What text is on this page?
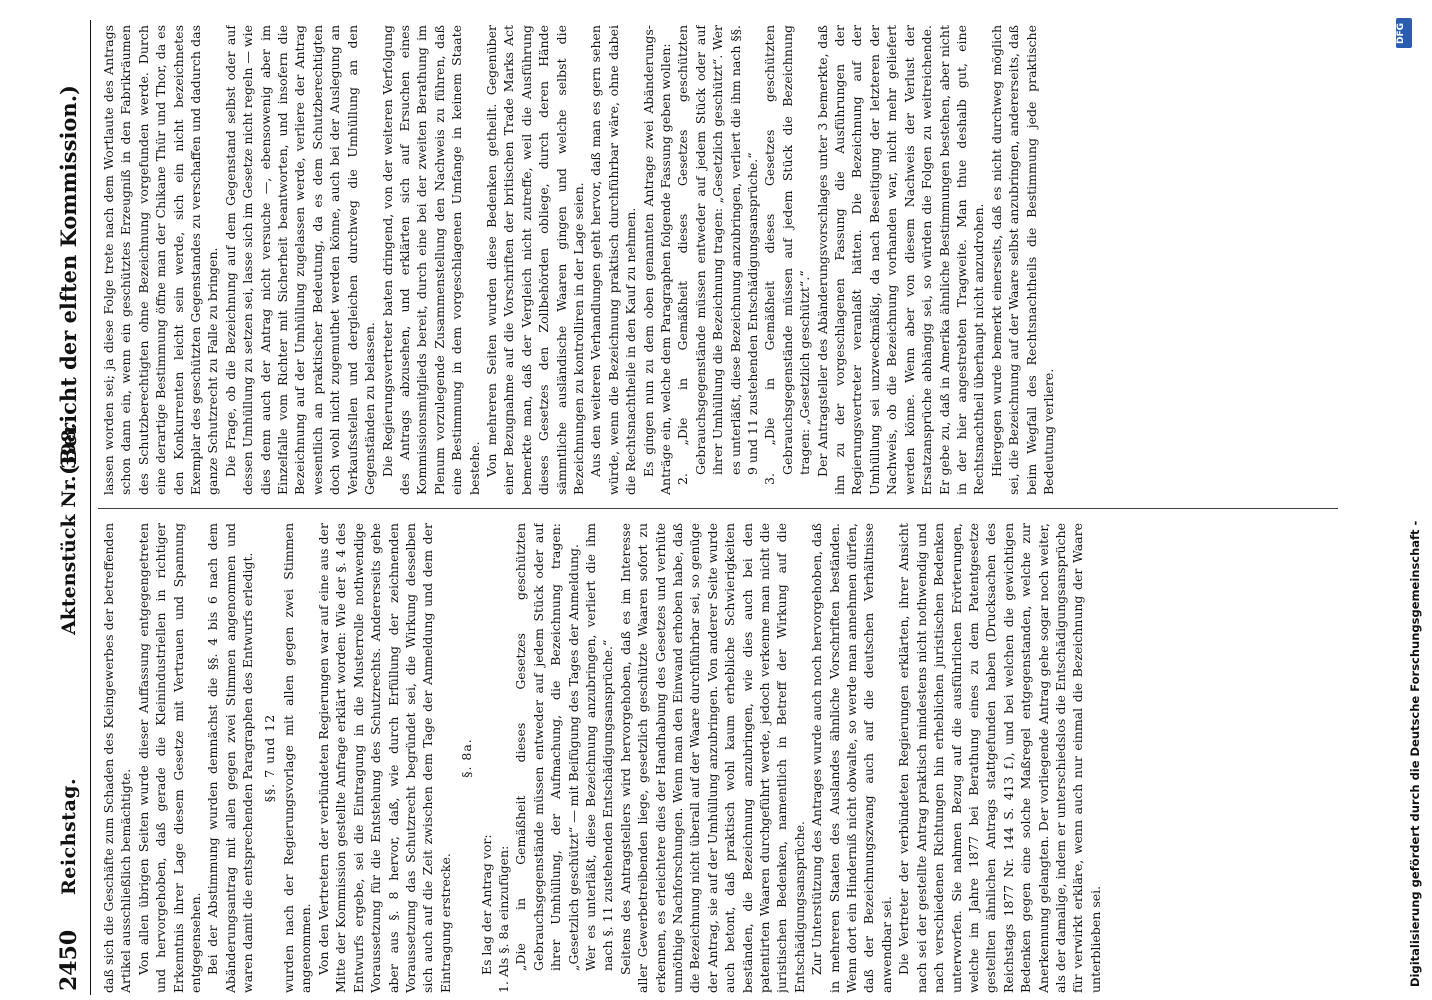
2450
Reichstag.
Aktenstück Nr. 398.
(Bericht der elften Kommission.)

daß sich die Geschäfte zum Schaden des Kleingewerbes der betreffenden Artikel ausschließlich bemächtigte. Von allen übrigen Seiten wurde dieser Auffassung entgegengetreten und hervorgehoben, daß gerade die Kleinindustriellen in richtiger Erkenntnis ihrer Lage diesem Gesetze mit Vertrauen und Spannung entgegensehen. Bei der Abstimmung wurden demnächst die §§. 4 bis 6 nach dem Abänderungsantrag mit allen gegen zwei Stimmen angenommen und waren damit die entsprechenden Paragraphen des Entwurfs erledigt. §§. 7 und 12 wurden nach der Regierungsvorlage mit allen gegen zwei Stimmen angenommen. Von den Vertretern der verbündeten Regierungen war auf eine aus der Mitte der Kommission gestellte Anfrage erklärt worden: Wie der §. 4 des Entwurfs ergebe, sei die Eintragung in die Musterrolle nothwendige Voraussetzung für die Entstehung des Schutzrechts. Andererseits gehe aber aus §. 8 hervor, daß, wie durch Erfüllung der zeichnenden Voraussetzung das Schutzrecht begründet sei, die Wirkung desselben sich auch auf die Zeit zwischen dem Tage der Anmeldung und dem der Eintragung erstrecke.

§. 8a.

Es lag der Antrag vor: 1. Als §. 8a einzufügen: „Die in Gemäßheit dieses Gesetzes geschützten Gebrauchsgegenstände müssen entweder auf jedem Stück oder auf ihrer Umhüllung, der Aufmachung, die Bezeichnung tragen: „Gesetzlich geschützt“ — mit Beifügung des Tages der Anmeldung. Wer es unterläßt, diese Bezeichnung anzubringen, verliert die ihm nach §. 11 zustehenden Entschädigungsansprüche.“ Seitens des Antragstellers wird hervorgehoben, daß es im Interesse aller Gewerbetreibenden liege, gesetzlich geschützte Waaren sofort zu erkennen, es erleichtere dies der Handhabung des Gesetzes und verhüte unnöthige Nachforschungen. Wenn man den Einwand erhoben habe, daß die Bezeichnung nicht überall auf der Waare durchführbar sei, so genüge der Antrag, sie auf der Umhüllung anzubringen. Von anderer Seite wurde auch betont, daß praktisch wohl kaum erhebliche Schwierigkeiten beständen, die Bezeichnung anzubringen, wie dies auch bei den patentirten Waaren durchgeführt werde, jedoch verkenne man nicht die juristischen Bedenken, namentlich in Betreff der Wirkung auf die Entschädigungsansprüche. Zur Unterstützung des Antrages wurde auch noch hervorgehoben, daß in mehreren Staaten des Auslandes ähnliche Vorschriften beständen. Wenn dort ein Hinderniß nicht obwalte, so werde man annehmen dürfen, daß der Bezeichnungszwang auch auf die deutschen Verhältnisse anwendbar sei. Die Vertreter der verbündeten Regierungen erklärten, ihrer Ansicht nach sei der gestellte Antrag praktisch mindestens nicht nothwendig und nach verschiedenen Richtungen hin erheblichen juristischen Bedenken unterworfen. Sie nahmen Bezug auf die ausführlichen Erörterungen, welche im Jahre 1877 bei Berathung eines zu dem Patentgesetze gestellten ähnlichen Antrags stattgefunden haben (Drucksachen des Reichstags 1877 Nr. 144 S. 413 f.), und bei welchen die gewichtigen Bedenken gegen eine solche Maßregel entgegenstanden, welche zur Anerkennung gelangten. Der vorliegende Antrag gehe sogar noch weiter, als der damalige, indem er unterschiedslos die Entschädigungsansprüche für verwirkt erkläre, wenn auch nur einmal die Bezeichnung der Waare unterblieben sei.

lassen worden sei; ja diese Folge trete nach dem Wortlaute des Antrags schon dann ein, wenn ein geschütztes Erzeugniß in den Fabrikräumen des Schutzberechtigten ohne Bezeichnung vorgefunden werde. Durch eine derartige Bestimmung öffne man der Chikane Thür und Thor, da es den Konkurrenten leicht sein werde, sich ein nicht bezeichnetes Exemplar des geschützten Gegenstandes zu verschaffen und dadurch das ganze Schutzrecht zu Falle zu bringen. Die Frage, ob die Bezeichnung auf dem Gegenstand selbst oder auf dessen Umhüllung zu setzen sei, lasse sich im Gesetze nicht regeln — wie dies denn auch der Antrag nicht versuche —, ebensowenig aber im Einzelfalle vom Richter mit Sicherheit beantworten, und insofern die Bezeichnung auf der Umhüllung zugelassen werde, verliere der Antrag wesentlich an praktischer Bedeutung, da es dem Schutzberechtigten doch wohl nicht zugemuthet werden könne, auch bei der Auslegung an Verkaufsstellen und dergleichen durchweg die Umhüllung an den Gegenständen zu belassen. Die Regierungsvertreter baten dringend, von der weiteren Verfolgung des Antrags abzusehen, und erklärten sich auf Ersuchen eines Kommissionsmitglieds bereit, durch eine bei der zweiten Berathung im Plenum vorzulegende Zusammenstellung den Nachweis zu führen, daß eine Bestimmung in dem vorgeschlagenen Umfange in keinem Staate bestehe. Von mehreren Seiten wurden diese Bedenken getheilt. Gegenüber einer Bezugnahme auf die Vorschriften der britischen Trade Marks Act bemerkte man, daß der Vergleich nicht zutreffe, weil die Ausführung dieses Gesetzes den Zollbehörden obliege, durch deren Hände sämmtliche ausländische Waaren gingen und welche selbst die Bezeichnungen zu kontrolliren in der Lage seien. Aus den weiteren Verhandlungen geht hervor, daß man es gern sehen würde, wenn die Bezeichnung praktisch durchführbar wäre, ohne dabei die Rechtsnachtheile in den Kauf zu nehmen. Es gingen nun zu dem oben genannten Antrage zwei Abänderungs-Anträge ein, welche dem Paragraphen folgende Fassung geben wollen: 2. „Die in Gemäßheit dieses Gesetzes geschützten Gebrauchsgegenstände müssen entweder auf jedem Stück oder auf ihrer Umhüllung die Bezeichnung tragen: „Gesetzlich geschützt“. Wer es unterläßt, diese Bezeichnung anzubringen, verliert die ihm nach §§. 9 und 11 zustehenden Entschädigungsansprüche.“ 3. „Die in Gemäßheit dieses Gesetzes geschützten Gebrauchsgegenstände müssen auf jedem Stück die Bezeichnung tragen: „Gesetzlich geschützt“.“ Der Antragsteller des Abänderungsvorschlages unter 3 bemerkte, daß ihn zu der vorgeschlagenen Fassung die Ausführungen der Regierungsvertreter veranlaßt hätten. Die Bezeichnung auf der Umhüllung sei unzweckmäßig, da nach Beseitigung der letzteren der Nachweis, ob die Bezeichnung vorhanden war, nicht mehr geliefert werden könne. Wenn aber von diesem Nachweis der Verlust der Ersatzansprüche abhängig sei, so würden die Folgen zu weitreichende. Er gebe zu, daß in Amerika ähnliche Bestimmungen bestehen, aber nicht in der hier angestrebten Tragweite. Man thue deshalb gut, eine Rechtsnachtheil überhaupt nicht anzudrohen. Hiergegen wurde bemerkt einerseits, daß es nicht durchweg möglich sei, die Bezeichnung auf der Waare selbst anzubringen, andererseits, daß beim Wegfall des Rechtsnachtheils die Bestimmung jede praktische Bedeutung verliere.

Digitalisierung gefördert durch die Deutsche Forschungsgemeinschaft -
DFG
